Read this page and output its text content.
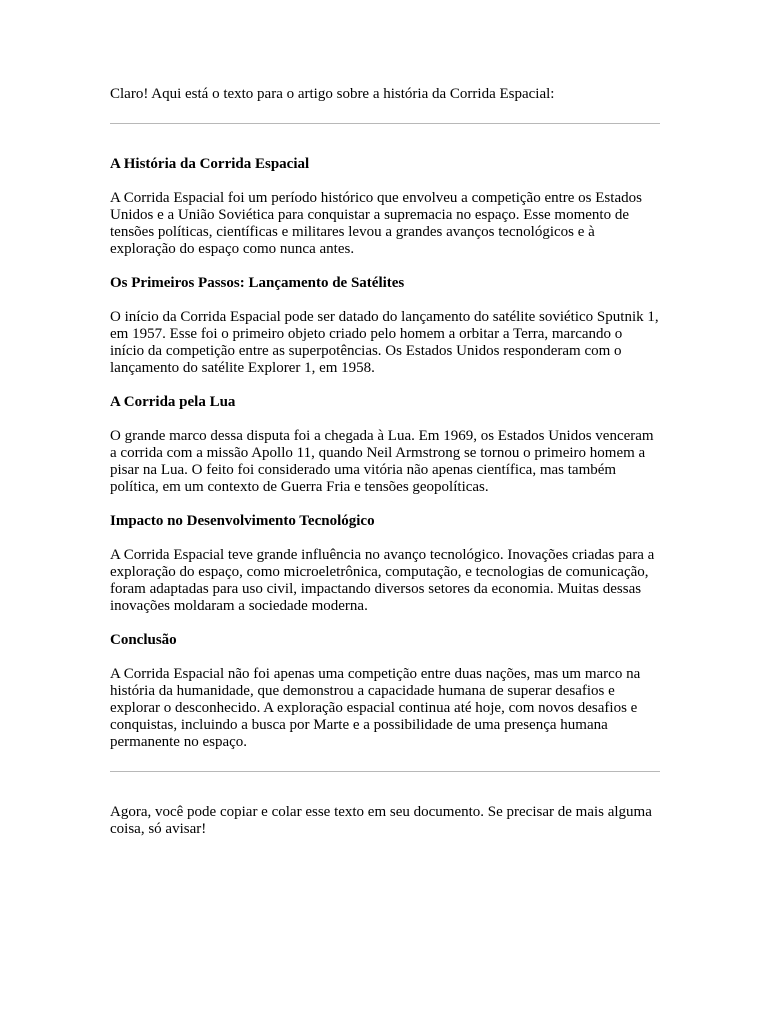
Claro! Aqui está o texto para o artigo sobre a história da Corrida Espacial:

A História da Corrida Espacial

A Corrida Espacial foi um período histórico que envolveu a competição entre os Estados Unidos e a União Soviética para conquistar a supremacia no espaço. Esse momento de tensões políticas, científicas e militares levou a grandes avanços tecnológicos e à exploração do espaço como nunca antes.

Os Primeiros Passos: Lançamento de Satélites

O início da Corrida Espacial pode ser datado do lançamento do satélite soviético Sputnik 1, em 1957. Esse foi o primeiro objeto criado pelo homem a orbitar a Terra, marcando o início da competição entre as superpotências. Os Estados Unidos responderam com o lançamento do satélite Explorer 1, em 1958.

A Corrida pela Lua

O grande marco dessa disputa foi a chegada à Lua. Em 1969, os Estados Unidos venceram a corrida com a missão Apollo 11, quando Neil Armstrong se tornou o primeiro homem a pisar na Lua. O feito foi considerado uma vitória não apenas científica, mas também política, em um contexto de Guerra Fria e tensões geopolíticas.

Impacto no Desenvolvimento Tecnológico

A Corrida Espacial teve grande influência no avanço tecnológico. Inovações criadas para a exploração do espaço, como microeletrônica, computação, e tecnologias de comunicação, foram adaptadas para uso civil, impactando diversos setores da economia. Muitas dessas inovações moldaram a sociedade moderna.

Conclusão

A Corrida Espacial não foi apenas uma competição entre duas nações, mas um marco na história da humanidade, que demonstrou a capacidade humana de superar desafios e explorar o desconhecido. A exploração espacial continua até hoje, com novos desafios e conquistas, incluindo a busca por Marte e a possibilidade de uma presença humana permanente no espaço.

Agora, você pode copiar e colar esse texto em seu documento. Se precisar de mais alguma coisa, só avisar!
